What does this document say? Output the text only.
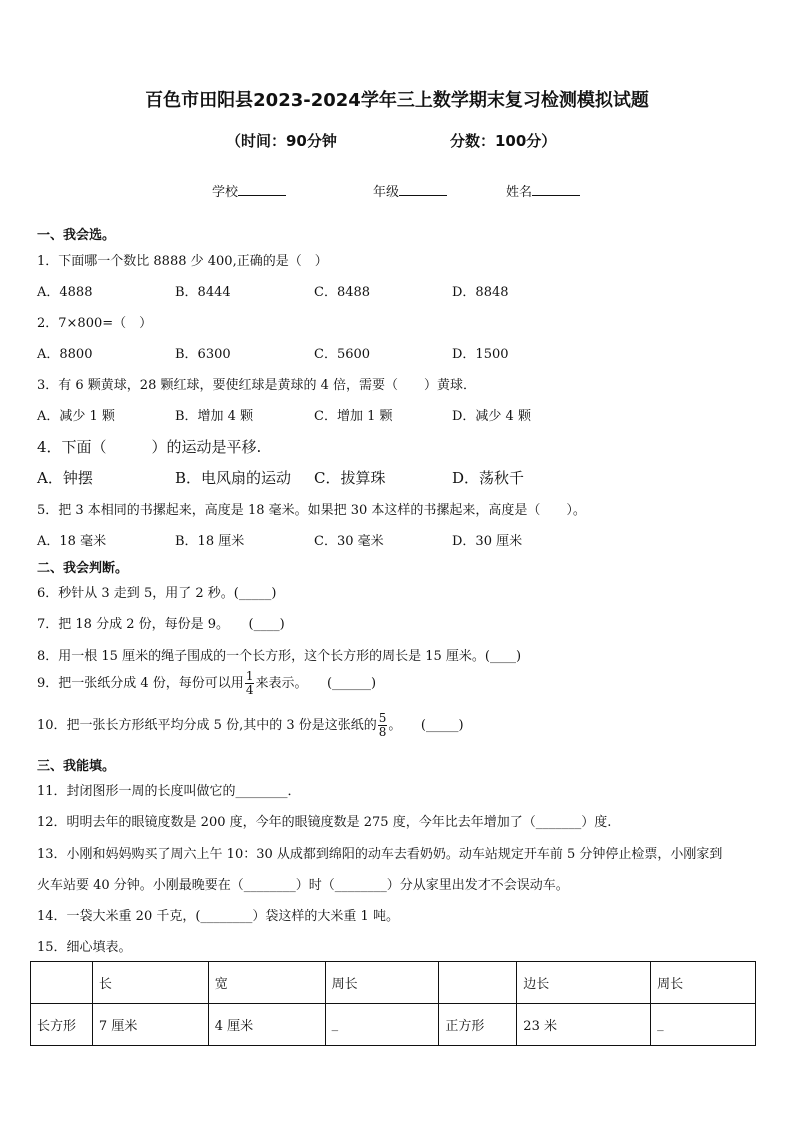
百色市田阳县2023-2024学年三上数学期末复习检测模拟试题
（时间：90分钟	分数：100分）
学校	年级	姓名
一、我会选。
1．下面哪一个数比 8888 少 400,正确的是（　）
A．4888	B．8444	C．8488	D．8848
2．7×800=（　）
A．8800	B．6300	C．5600	D．1500
3．有 6 颗黄球，28 颗红球，要使红球是黄球的 4 倍，需要（　　）黄球．
A．减少 1 颗	B．增加 4 颗	C．增加 1 颗	D．减少 4 颗
4．下面（　　　）的运动是平移.
A．钟摆	B．电风扇的运动 C．拔算珠	D．荡秋千
5．把 3 本相同的书摞起来，高度是 18 毫米。如果把 30 本这样的书摞起来，高度是（　　）。
A．18 毫米	B．18 厘米	C．30 毫米	D．30 厘米
二、我会判断。
6．秒针从 3 走到 5，用了 2 秒。(_____)
7．把 18 分成 2 份，每份是 9。　　(____)
8．用一根 15 厘米的绳子围成的一个长方形，这个长方形的周长是 15 厘米。(____)
9．把一张纸分成 4 份，每份可以用 $\frac{1}{4}$ 来表示。　　(______)
10．把一张长方形纸平均分成 5 份,其中的 3 份是这张纸的 $\frac{5}{8}$ 。　　(_____)
三、我能填。
11．封闭图形一周的长度叫做它的________．
12．明明去年的眼镜度数是 200 度，今年的眼镜度数是 275 度，今年比去年增加了（_______）度.
13．小刚和妈妈购买了周六上午 10：30 从成都到绵阳的动车去看奶奶。动车站规定开车前 5 分钟停止检票，小刚家到
火车站要 40 分钟。小刚最晚要在（________）时（________）分从家里出发才不会误动车。
14．一袋大米重 20 千克，(________）袋这样的大米重 1 吨。
15．细心填表。
	长	宽	周长		边长	周长
长方形	7 厘米	4 厘米	_	正方形	23 米	_
